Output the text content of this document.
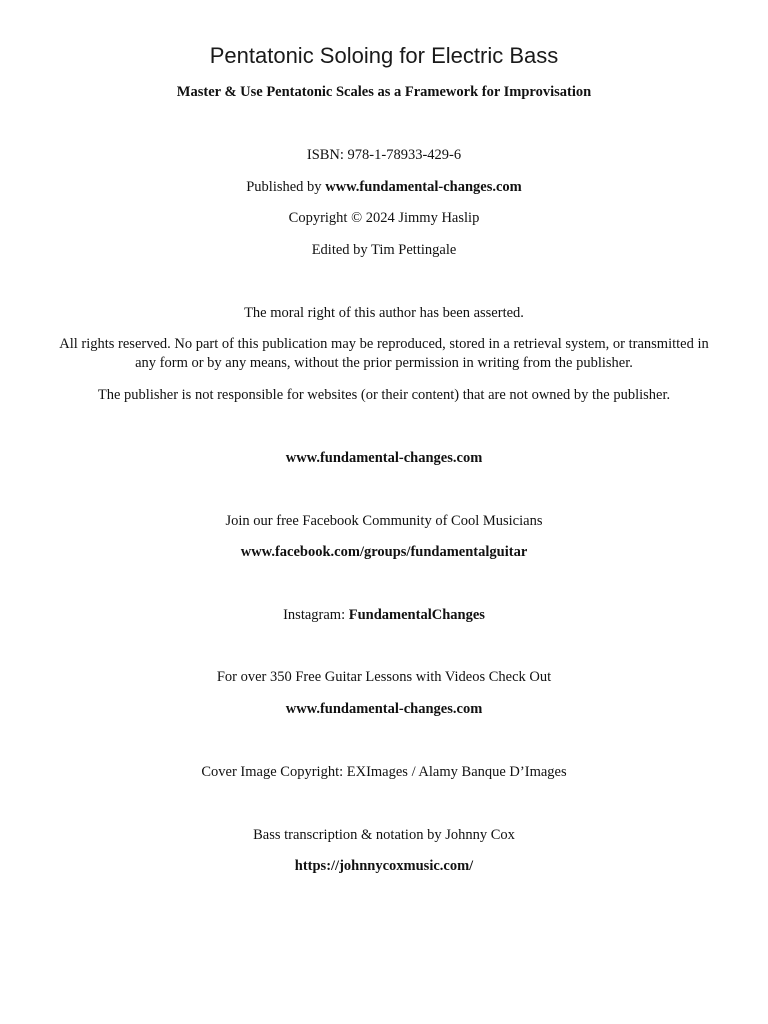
Pentatonic Soloing for Electric Bass
Master & Use Pentatonic Scales as a Framework for Improvisation
ISBN: 978-1-78933-429-6
Published by www.fundamental-changes.com
Copyright © 2024 Jimmy Haslip
Edited by Tim Pettingale
The moral right of this author has been asserted.
All rights reserved. No part of this publication may be reproduced, stored in a retrieval system, or transmitted in any form or by any means, without the prior permission in writing from the publisher.
The publisher is not responsible for websites (or their content) that are not owned by the publisher.
www.fundamental-changes.com
Join our free Facebook Community of Cool Musicians
www.facebook.com/groups/fundamentalguitar
Instagram: FundamentalChanges
For over 350 Free Guitar Lessons with Videos Check Out
www.fundamental-changes.com
Cover Image Copyright: EXImages / Alamy Banque D’Images
Bass transcription & notation by Johnny Cox
https://johnnycoxmusic.com/
